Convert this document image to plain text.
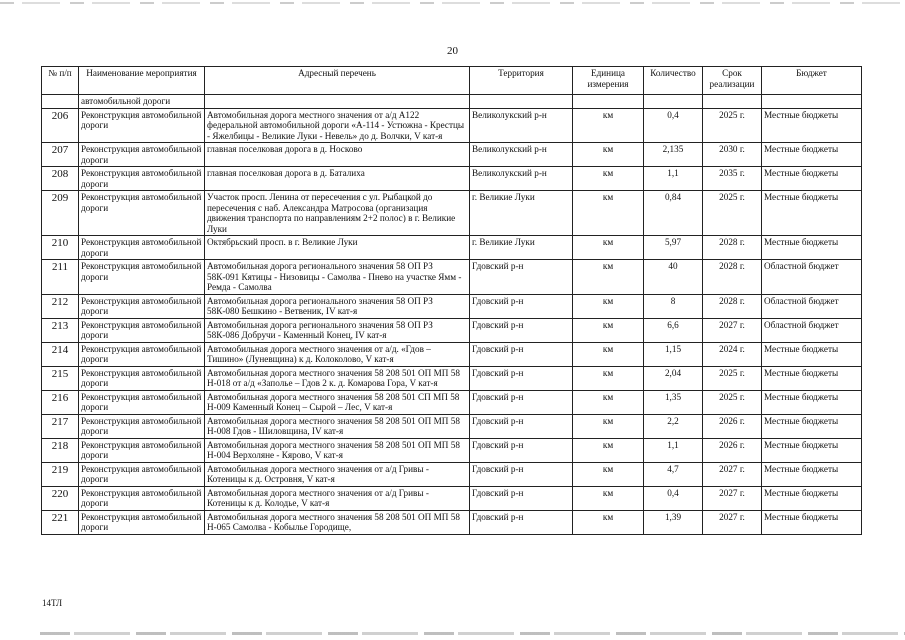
20
№ п/п	Наименование мероприятия	Адресный перечень	Территория	Единица измерения	Количество	Срок реализации	Бюджет
	автомобильной дороги						
206	Реконструкция автомобильной дороги	Автомобильная дорога местного значения от а/д А122 федеральной автомобильной дороги «А-114 - Устюжна - Крестцы - Яжелбицы - Великие Луки - Невель» до д. Волчки, V кат-я	Великолукский р-н	км	0,4	2025 г.	Местные бюджеты
207	Реконструкция автомобильной дороги	главная поселковая дорога в д. Носково	Великолукский р-н	км	2,135	2030 г.	Местные бюджеты
208	Реконструкция автомобильной дороги	главная поселковая дорога в д. Баталиха	Великолукский р-н	км	1,1	2035 г.	Местные бюджеты
209	Реконструкция автомобильной дороги	Участок просп. Ленина от пересечения с ул. Рыбацкой до пересечения с наб. Александра Матросова (организация движения транспорта по направлениям 2+2 полос) в г. Великие Луки	г. Великие Луки	км	0,84	2025 г.	Местные бюджеты
210	Реконструкция автомобильной дороги	Октябрьский просп. в г. Великие Луки	г. Великие Луки	км	5,97	2028 г.	Местные бюджеты
211	Реконструкция автомобильной дороги	Автомобильная дорога регионального значения 58 ОП РЗ 58К-091 Кятицы - Низовицы - Самолва - Пнево на участке Ямм - Ремда - Самолва	Гдовский р-н	км	40	2028 г.	Областной бюджет
212	Реконструкция автомобильной дороги	Автомобильная дорога регионального значения 58 ОП РЗ 58К-080 Бешкино - Ветвеник, IV кат-я	Гдовский р-н	км	8	2028 г.	Областной бюджет
213	Реконструкция автомобильной дороги	Автомобильная дорога регионального значения 58 ОП РЗ 58К-086 Добручи - Каменный Конец, IV кат-я	Гдовский р-н	км	6,6	2027 г.	Областной бюджет
214	Реконструкция автомобильной дороги	Автомобильная дорога местного значения от а/д. «Гдов – Тишино» (Луневщина) к д. Колоколово, V кат-я	Гдовский р-н	км	1,15	2024 г.	Местные бюджеты
215	Реконструкция автомобильной дороги	Автомобильная дорога местного значения 58 208 501 ОП МП 58 Н-018 от а/д «Заполье – Гдов 2 к. д. Комарова Гора, V кат-я	Гдовский р-н	км	2,04	2025 г.	Местные бюджеты
216	Реконструкция автомобильной дороги	Автомобильная дорога местного значения 58 208 501 СП МП 58 Н-009 Каменный Конец – Сырой – Лес, V кат-я	Гдовский р-н	км	1,35	2025 г.	Местные бюджеты
217	Реконструкция автомобильной дороги	Автомобильная дорога местного значения 58 208 501 ОП МП 58 Н-008 Гдов - Шиловщина, IV кат-я	Гдовский р-н	км	2,2	2026 г.	Местные бюджеты
218	Реконструкция автомобильной дороги	Автомобильная дорога местного значения 58 208 501 ОП МП 58 Н-004 Верхоляне - Кярово, V кат-я	Гдовский р-н	км	1,1	2026 г.	Местные бюджеты
219	Реконструкция автомобильной дороги	Автомобильная дорога местного значения от а/д Гривы - Котеницы к д. Островня, V кат-я	Гдовский р-н	км	4,7	2027 г.	Местные бюджеты
220	Реконструкция автомобильной дороги	Автомобильная дорога местного значения от а/д Гривы - Котеницы к д. Колодье, V кат-я	Гдовский р-н	км	0,4	2027 г.	Местные бюджеты
221	Реконструкция автомобильной дороги	Автомобильная дорога местного значения 58 208 501 ОП МП 58 Н-065 Самолва - Кобылье Городище,	Гдовский р-н	км	1,39	2027 г.	Местные бюджеты
14ТЛ
